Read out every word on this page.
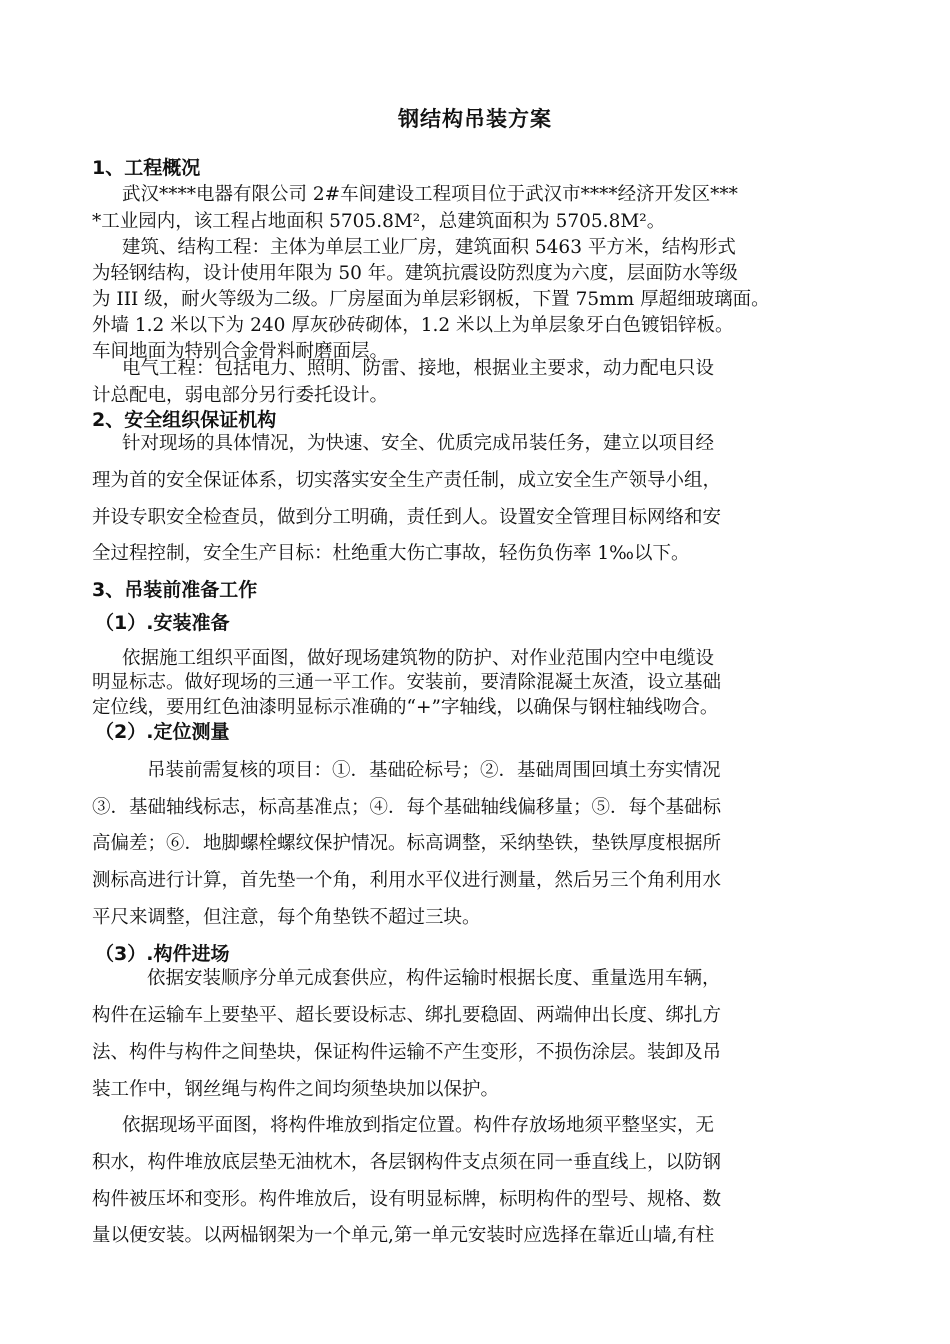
钢结构吊装方案
1、工程概况
武汉****电器有限公司 2#车间建设工程项目位于武汉市****经济开发区***
*工业园内，该工程占地面积 5705.8M²，总建筑面积为 5705.8M²。
建筑、结构工程：主体为单层工业厂房，建筑面积 5463 平方米，结构形式
为轻钢结构，设计使用年限为 50 年。建筑抗震设防烈度为六度，层面防水等级
为 III 级，耐火等级为二级。厂房屋面为单层彩钢板，下置 75mm 厚超细玻璃面。
外墙 1.2 米以下为 240 厚灰砂砖砌体，1.2 米以上为单层象牙白色镀铝锌板。
车间地面为特别合金骨料耐磨面层。
电气工程：包括电力、照明、防雷、接地，根据业主要求，动力配电只设
计总配电，弱电部分另行委托设计。
2、安全组织保证机构
针对现场的具体情况，为快速、安全、优质完成吊装任务，建立以项目经
理为首的安全保证体系，切实落实安全生产责任制，成立安全生产领导小组，
并设专职安全检查员，做到分工明确，责任到人。设置安全管理目标网络和安
全过程控制，安全生产目标：杜绝重大伤亡事故，轻伤负伤率 1‰以下。
3、吊装前准备工作
（1）.安装准备
依据施工组织平面图，做好现场建筑物的防护、对作业范围内空中电缆设
明显标志。做好现场的三通一平工作。安装前，要清除混凝土灰渣，设立基础
定位线，要用红色油漆明显标示准确的“+”字轴线，以确保与钢柱轴线吻合。
（2）.定位测量
吊装前需复核的项目：①．基础砼标号；②．基础周围回填土夯实情况
③．基础轴线标志，标高基准点；④．每个基础轴线偏移量；⑤．每个基础标
高偏差；⑥．地脚螺栓螺纹保护情况。标高调整，采纳垫铁，垫铁厚度根据所
测标高进行计算，首先垫一个角，利用水平仪进行测量，然后另三个角利用水
平尺来调整，但注意，每个角垫铁不超过三块。
（3）.构件进场
依据安装顺序分单元成套供应，构件运输时根据长度、重量选用车辆，
构件在运输车上要垫平、超长要设标志、绑扎要稳固、两端伸出长度、绑扎方
法、构件与构件之间垫块，保证构件运输不产生变形，不损伤涂层。装卸及吊
装工作中，钢丝绳与构件之间均须垫块加以保护。
依据现场平面图，将构件堆放到指定位置。构件存放场地须平整坚实，无
积水，构件堆放底层垫无油枕木，各层钢构件支点须在同一垂直线上，以防钢
构件被压坏和变形。构件堆放后，设有明显标牌，标明构件的型号、规格、数
量以便安装。以两榀钢架为一个单元,第一单元安装时应选择在靠近山墙,有柱
